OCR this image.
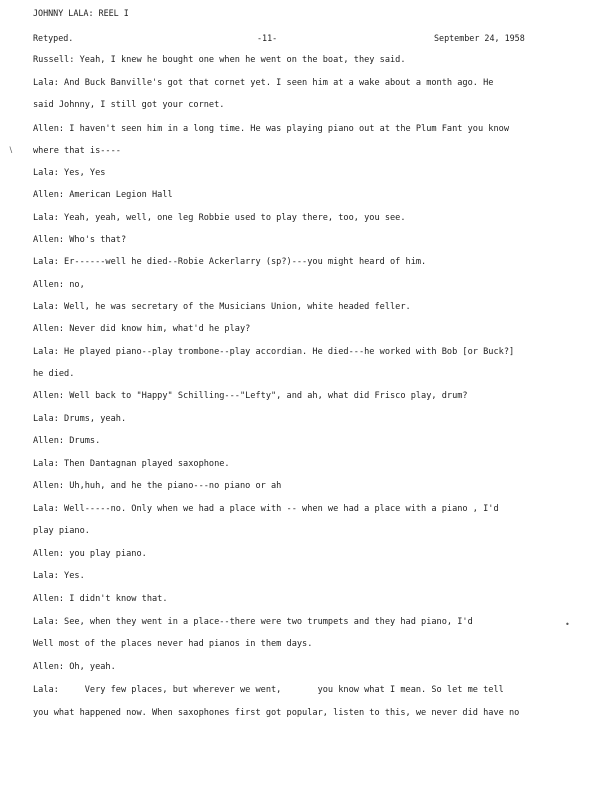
JOHNNY LALA: REEL I
Retyped.	-11-	September 24, 1958
Russell: Yeah, I knew he bought one when he went on the boat, they said.
Lala: And Buck Banville's got that cornet yet. I seen him at a wake about a month ago. He
said Johnny, I still got your cornet.
Allen: I haven't seen him in a long time. He was playing piano out at the Plum Fant you know
where that is----
Lala: Yes, Yes
Allen: American Legion Hall
Lala: Yeah, yeah, well, one leg Robbie used to play there, too, you see.
Allen: Who's that?
Lala: Er------well he died--Robie Ackerlarry (sp?)---you might heard of him.
Allen: no,
Lala: Well, he was secretary of the Musicians Union, white headed feller.
Allen: Never did know him, what'd he play?
Lala: He played piano--play trombone--play accordian. He died---he worked with Bob [or Buck?]
he died.
Allen: Well back to "Happy" Schilling---"Lefty", and ah, what did Frisco play, drum?
Lala: Drums, yeah.
Allen: Drums.
Lala: Then Dantagnan played saxophone.
Allen: Uh,huh, and he the piano---no piano or ah
Lala: Well-----no. Only when we had a place with -- when we had a place with a piano , I'd
play piano.
Allen: you play piano.
Lala: Yes.
Allen: I didn't know that.
Lala: See, when they went in a place--there were two trumpets and they had piano, I'd
Well most of the places never had pianos in them days.
Allen: Oh, yeah.
Lala:     Very few places, but wherever we went,       you know what I mean. So let me tell
you what happened now. When saxophones first got popular, listen to this, we never did have no
∖
•
